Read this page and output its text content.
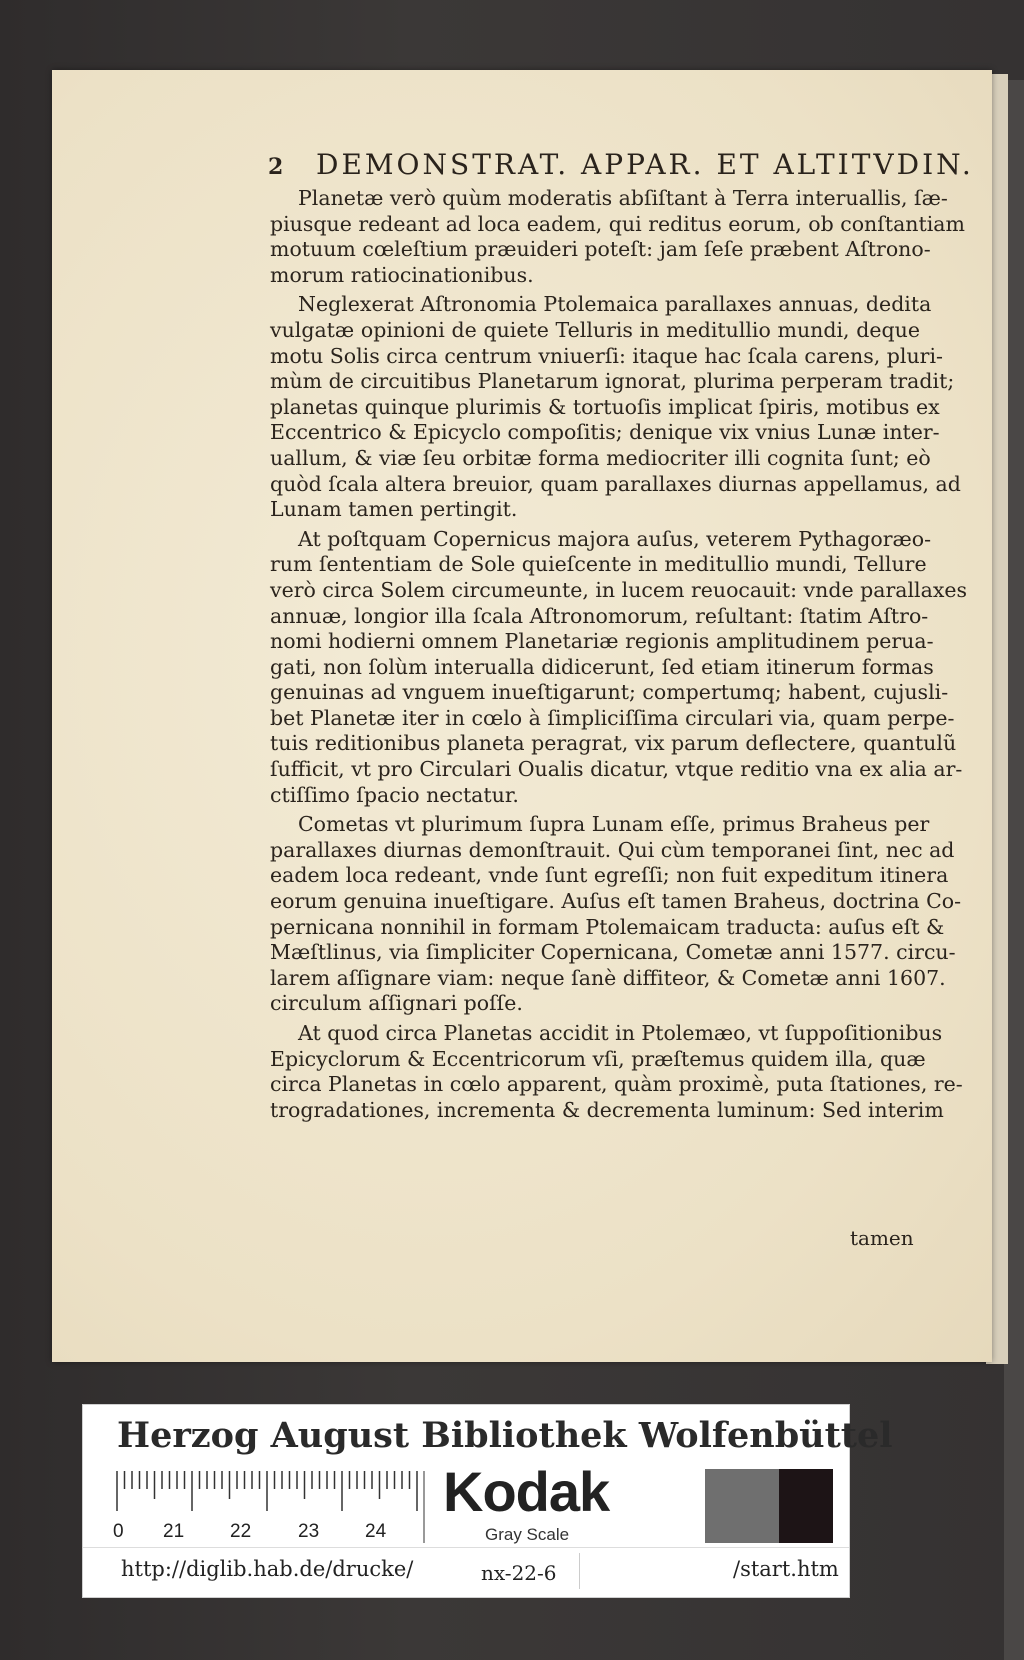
2 DEMONSTRAT. APPAR. ET ALTITVDIN.
Planetæ verò quùm moderatis abſiſtant à Terra interuallis, ſæ-
piusque redeant ad loca eadem, qui reditus eorum, ob conſtantiam
motuum cœleſtium præuideri poteſt: jam ſeſe præbent Aſtrono-
morum ratiocinationibus.
Neglexerat Aſtronomia Ptolemaica parallaxes annuas, dedita
vulgatæ opinioni de quiete Telluris in meditullio mundi, deque
motu Solis circa centrum vniuerſi: itaque hac ſcala carens, pluri-
mùm de circuitibus Planetarum ignorat, plurima perperam tradit;
planetas quinque plurimis & tortuoſis implicat ſpiris, motibus ex
Eccentrico & Epicyclo compoſitis; denique vix vnius Lunæ inter-
uallum, & viæ ſeu orbitæ forma mediocriter illi cognita ſunt; eò
quòd ſcala altera breuior, quam parallaxes diurnas appellamus, ad
Lunam tamen pertingit.
At poſtquam Copernicus majora auſus, veterem Pythagoræo-
rum ſententiam de Sole quieſcente in meditullio mundi, Tellure
verò circa Solem circumeunte, in lucem reuocauit: vnde parallaxes
annuæ, longior illa ſcala Aſtronomorum, reſultant: ſtatim Aſtro-
nomi hodierni omnem Planetariæ regionis amplitudinem perua-
gati, non ſolùm interualla didicerunt, ſed etiam itinerum formas
genuinas ad vnguem inueſtigarunt; compertumq; habent, cujusli-
bet Planetæ iter in cœlo à ſimpliciſſima circulari via, quam perpe-
tuis reditionibus planeta peragrat, vix parum deflectere, quantulũ
ſufficit, vt pro Circulari Oualis dicatur, vtque reditio vna ex alia ar-
ctiſſimo ſpacio nectatur.
Cometas vt plurimum ſupra Lunam eſſe, primus Braheus per
parallaxes diurnas demonſtrauit. Qui cùm temporanei ſint, nec ad
eadem loca redeant, vnde ſunt egreſſi; non fuit expeditum itinera
eorum genuina inueſtigare. Auſus eſt tamen Braheus, doctrina Co-
pernicana nonnihil in formam Ptolemaicam traducta: auſus eſt &
Mæſtlinus, via ſimpliciter Copernicana, Cometæ anni 1577. circu-
larem aſſignare viam: neque ſanè diffiteor, & Cometæ anni 1607.
circulum aſſignari poſſe.
At quod circa Planetas accidit in Ptolemæo, vt ſuppoſitionibus
Epicyclorum & Eccentricorum vſi, præſtemus quidem illa, quæ
circa Planetas in cœlo apparent, quàm proximè, puta ſtationes, re-
trogradationes, incrementa & decrementa luminum: Sed interim
tamen
Herzog August Bibliothek Wolfenbüttel
0 21 22 23 24
Kodak
Gray Scale
http://diglib.hab.de/drucke/	nx-22-6	/start.htm
